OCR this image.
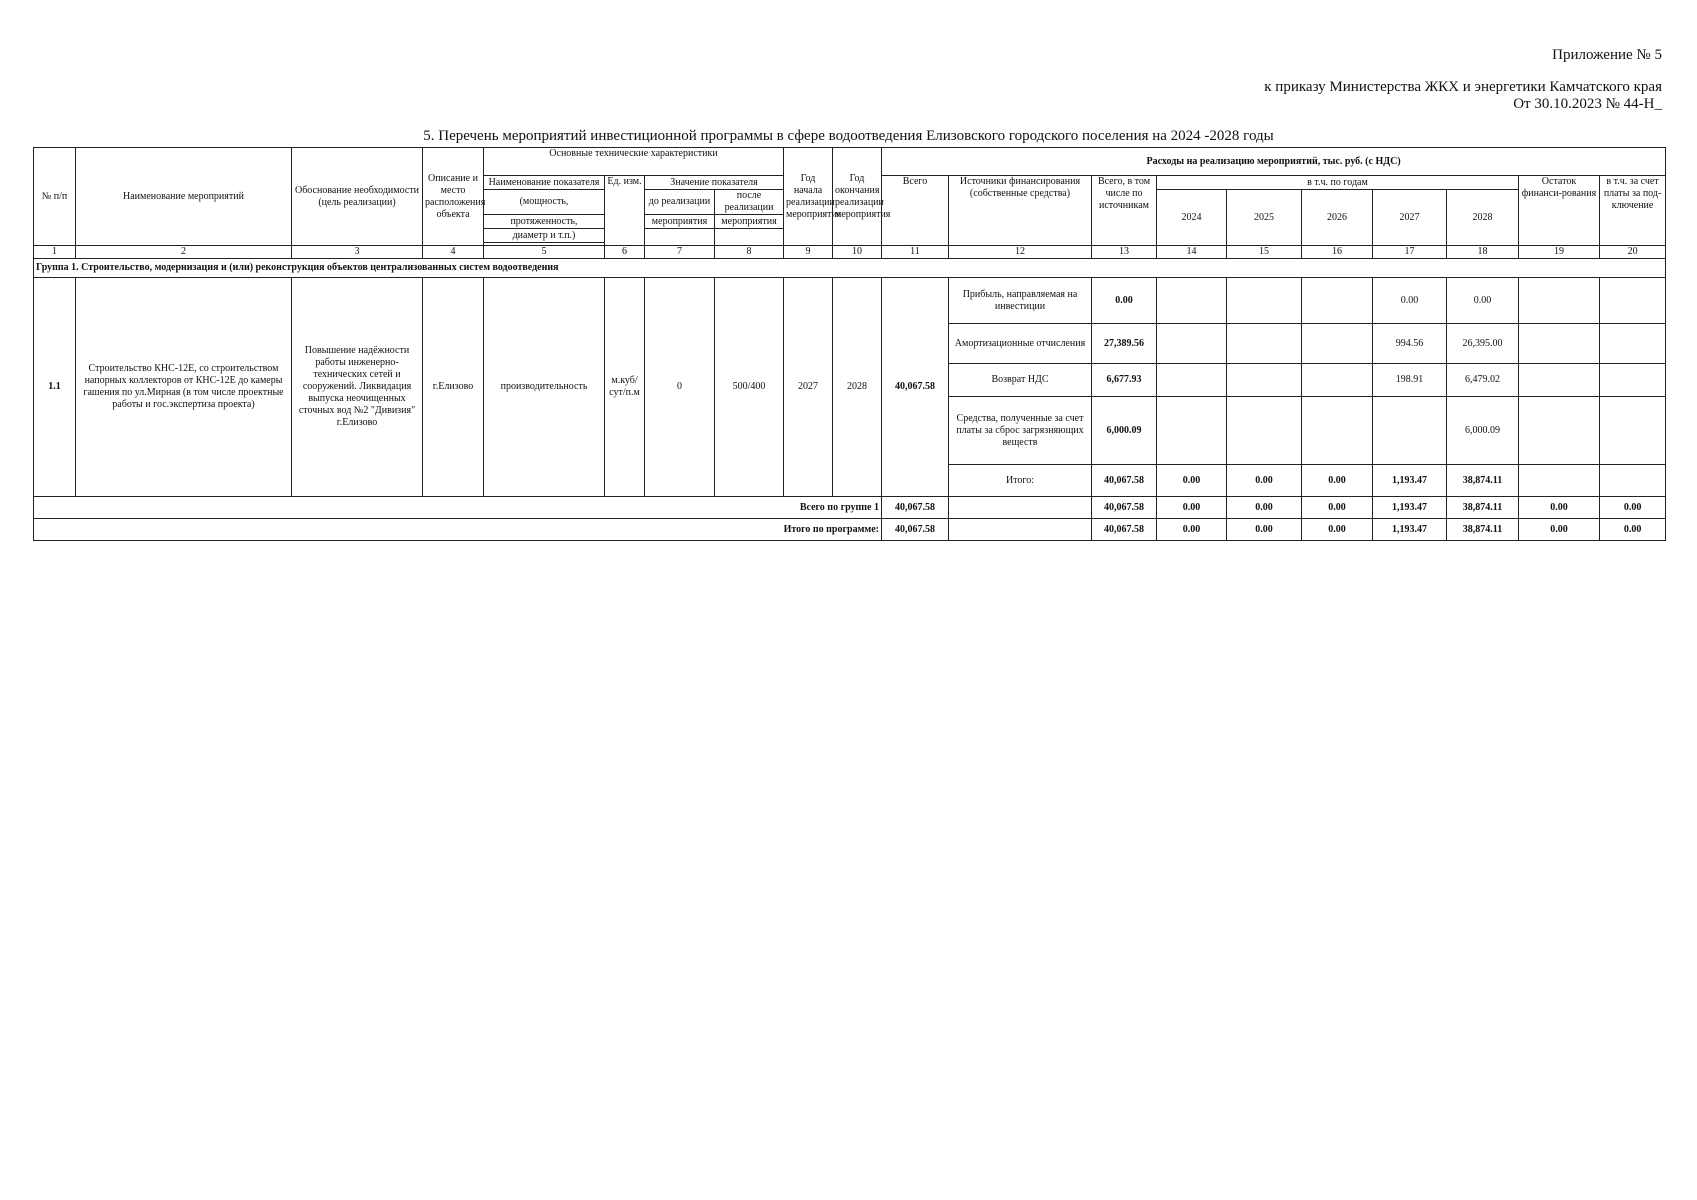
Приложение № 5
к приказу Министерства ЖКХ и энергетики Камчатского края
От 30.10.2023 № 44-Н_
5. Перечень мероприятий инвестиционной программы в сфере водоотведения Елизовского городского поселения на 2024 -2028 годы
№ п/п	Наименование мероприятий	Обоснование необходимости (цель реализации)	Описание и место расположения объекта	Основные технические характеристики				Год начала реализации мероприятия	Год окончания реализации мероприятия	Расходы на реализацию мероприятий, тыс. руб. (с НДС)									
				Наименование показателя	Ед. изм.	Значение показателя				Всего	Источники финансирования (собственные средства)	Всего, в том числе по источникам	в т.ч. по годам					Остаток финанси-рования	в т.ч. за счет платы за под-ключение
				(мощность,		до реализации	после реализации						2024	2025	2026	2027	2028		
				протяженность,		мероприятия	мероприятия												
				диаметр и т.п.)															

1	2	3	4	5	6	7	8	9	10	11	12	13	14	15	16	17	18	19	20
Группа 1. Строительство, модернизация и (или) реконструкция объектов централизованных систем водоотведения																			
1.1	Строительство КНС-12Е, со строительством напорных коллекторов от КНС-12Е до камеры гашения по ул.Мирная (в том числе проектные работы и гос.экспертиза проекта)	Повышение надёжности работы инженерно-технических сетей и сооружений. Ликвидация выпуска неочищенных сточных вод №2 "Дивизия" г.Елизово	г.Елизово	производительность	м.куб/сут/п.м	0	500/400	2027	2028	40,067.58	Прибыль, направляемая на инвестиции	0.00				0.00	0.00		
											Амортизационные отчисления	27,389.56				994.56	26,395.00		
											Возврат НДС	6,677.93				198.91	6,479.02		
											Средства, полученные за счет платы за сброс загрязняющих веществ	6,000.09					6,000.09		
											Итого:	40,067.58	0.00	0.00	0.00	1,193.47	38,874.11		
Всего по группе 1										40,067.58		40,067.58	0.00	0.00	0.00	1,193.47	38,874.11	0.00	0.00
Итого по программе:										40,067.58		40,067.58	0.00	0.00	0.00	1,193.47	38,874.11	0.00	0.00
